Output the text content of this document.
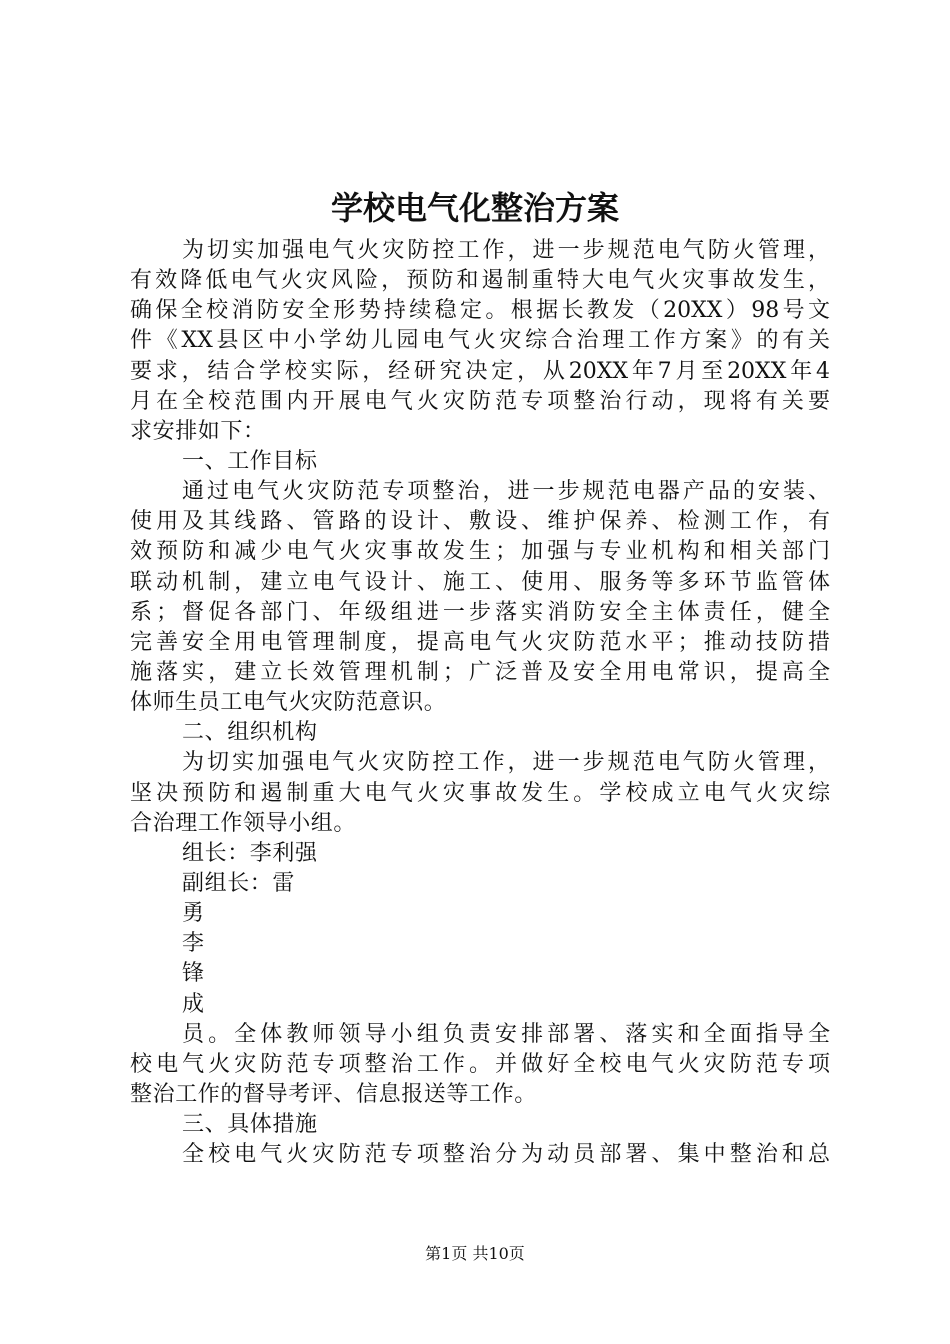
学校电气化整治方案
为切实加强电气火灾防控工作，进一步规范电气防火管理，
有效降低电气火灾风险，预防和遏制重特大电气火灾事故发生，
确保全校消防安全形势持续稳定。根据长教发（20XX）98号文
件《XX县区中小学幼儿园电气火灾综合治理工作方案》的有关
要求，结合学校实际，经研究决定，从20XX年7月至20XX年4
月在全校范围内开展电气火灾防范专项整治行动，现将有关要
求安排如下：
一、工作目标
通过电气火灾防范专项整治，进一步规范电器产品的安装、
使用及其线路、管路的设计、敷设、维护保养、检测工作，有
效预防和减少电气火灾事故发生；加强与专业机构和相关部门
联动机制，建立电气设计、施工、使用、服务等多环节监管体
系；督促各部门、年级组进一步落实消防安全主体责任，健全
完善安全用电管理制度，提高电气火灾防范水平；推动技防措
施落实，建立长效管理机制；广泛普及安全用电常识，提高全
体师生员工电气火灾防范意识。
二、组织机构
为切实加强电气火灾防控工作，进一步规范电气防火管理，
坚决预防和遏制重大电气火灾事故发生。学校成立电气火灾综
合治理工作领导小组。
组长：李利强
副组长：雷
勇
李
锋
成
员。全体教师领导小组负责安排部署、落实和全面指导全
校电气火灾防范专项整治工作。并做好全校电气火灾防范专项
整治工作的督导考评、信息报送等工作。
三、具体措施
全校电气火灾防范专项整治分为动员部署、集中整治和总
第1页 共10页
